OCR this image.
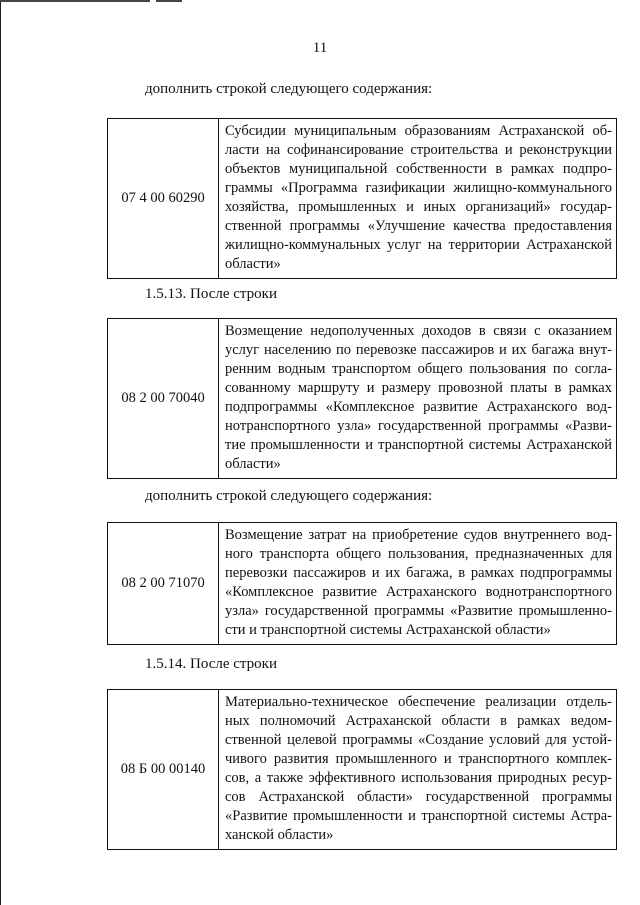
11
дополнить строкой следующего содержания:
07 4 00 60290	Субсидии муниципальным образованиям Астраханской области на софинансирование строительства и реконструкции объектов муниципальной собственности в рамках подпрограммы «Программа газификации жилищно-коммунального хозяйства, промышленных и иных организаций» государственной программы «Улучшение качества предоставления жилищно-коммунальных услуг на территории Астраханской области»
1.5.13. После строки
08 2 00 70040	Возмещение недополученных доходов в связи с оказанием услуг населению по перевозке пассажиров и их багажа внутренним водным транспортом общего пользования по согласованному маршруту и размеру провозной платы в рамках подпрограммы «Комплексное развитие Астраханского воднотранспортного узла» государственной программы «Развитие промышленности и транспортной системы Астраханской области»
дополнить строкой следующего содержания:
08 2 00 71070	Возмещение затрат на приобретение судов внутреннего водного транспорта общего пользования, предназначенных для перевозки пассажиров и их багажа, в рамках подпрограммы «Комплексное развитие Астраханского воднотранспортного узла» государственной программы «Развитие промышленности и транспортной системы Астраханской области»
1.5.14. После строки
08 Б 00 00140	Материально-техническое обеспечение реализации отдельных полномочий Астраханской области в рамках ведомственной целевой программы «Создание условий для устойчивого развития промышленного и транспортного комплексов, а также эффективного использования природных ресурсов Астраханской области» государственной программы «Развитие промышленности и транспортной системы Астраханской области»
